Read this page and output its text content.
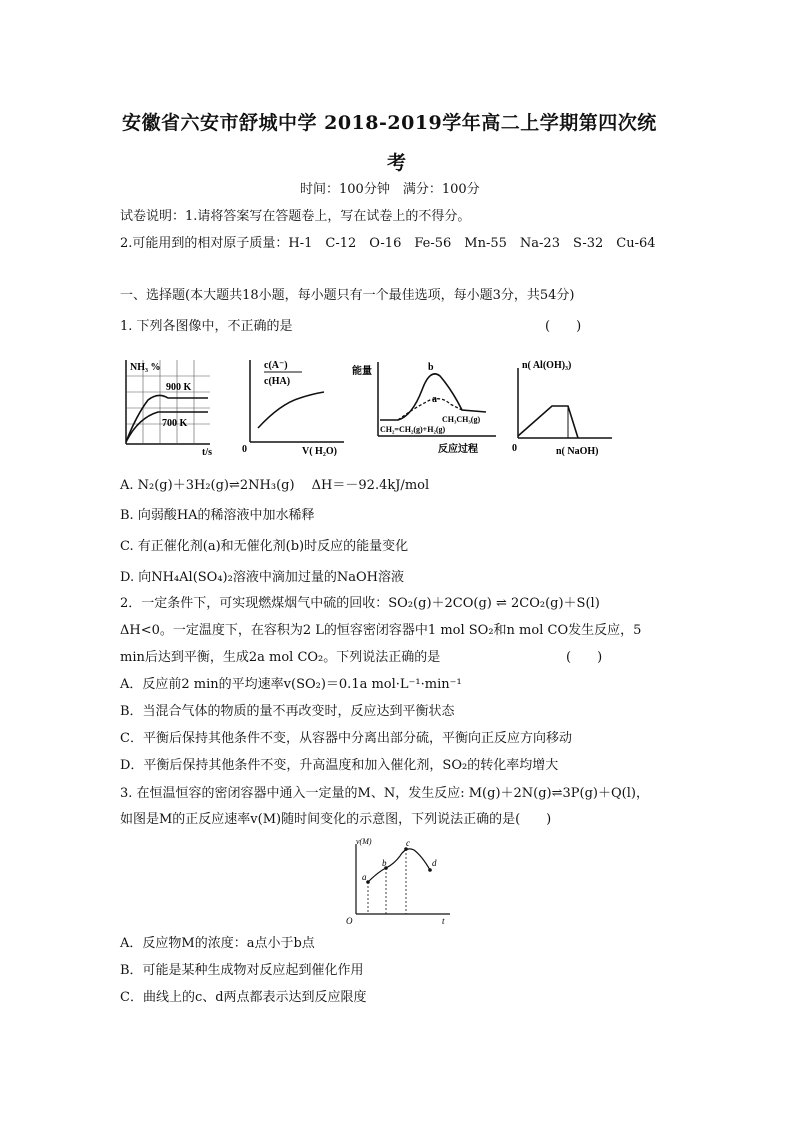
安徽省六安市舒城中学 2018-2019学年高二上学期第四次统
考
时间：100分钟　满分：100分
试卷说明：1.请将答案写在答题卷上，写在试卷上的不得分。
2.可能用到的相对原子质量：H-1　C-12　O-16　Fe-56　Mn-55　Na-23　S-32　Cu-64
一、选择题(本大题共18小题，每小题只有一个最佳选项，每小题3分，共54分)
1. 下列各图像中，不正确的是	(　　)
NH₃ %
900 K
700 K
t/s
c(A⁻)
c(HA)
0	V( H₂O)
能量	b
a
CH₃CH₃(g)
CH₂=CH₂(g)+H₂(g)
反应过程
n( Al(OH)₃)
0	n( NaOH)
A. N₂(g)＋3H₂(g)⇌2NH₃(g)　 ΔH＝－92.4kJ/mol
B. 向弱酸HA的稀溶液中加水稀释
C. 有正催化剂(a)和无催化剂(b)时反应的能量变化
D. 向NH₄Al(SO₄)₂溶液中滴加过量的NaOH溶液
2．一定条件下，可实现燃煤烟气中硫的回收：SO₂(g)＋2CO(g) ⇌ 2CO₂(g)＋S(l)
ΔH<0。一定温度下，在容积为2 L的恒容密闭容器中1 mol SO₂和n mol CO发生反应，5
min后达到平衡，生成2a mol CO₂。下列说法正确的是	(　　)
A．反应前2 min的平均速率v(SO₂)＝0.1a mol·L⁻¹·min⁻¹
B．当混合气体的物质的量不再改变时，反应达到平衡状态
C．平衡后保持其他条件不变，从容器中分离出部分硫，平衡向正反应方向移动
D．平衡后保持其他条件不变，升高温度和加入催化剂，SO₂的转化率均增大
3. 在恒温恒容的密闭容器中通入一定量的M、N，发生反应: M(g)＋2N(g)⇌3P(g)＋Q(l)，
如图是M的正反应速率v(M)随时间变化的示意图，下列说法正确的是(　　)
v(M)
O	t
a
b
c
d
A．反应物M的浓度：a点小于b点
B．可能是某种生成物对反应起到催化作用
C．曲线上的c、d两点都表示达到反应限度
